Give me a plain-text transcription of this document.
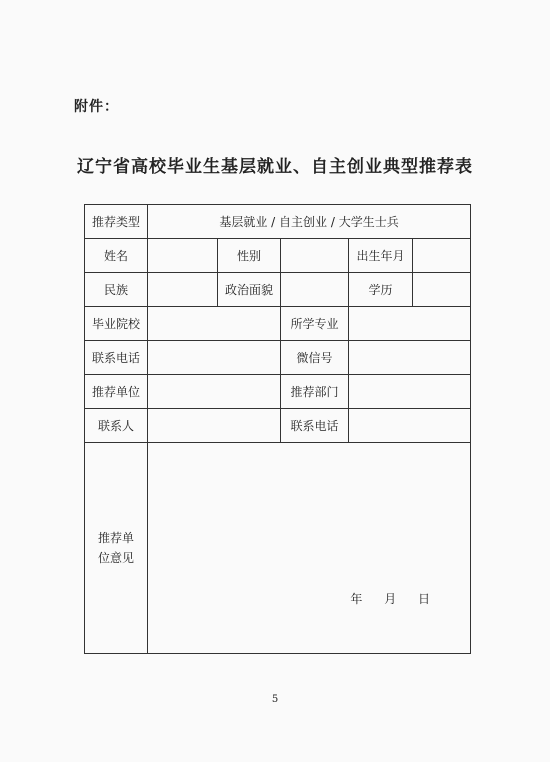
附件：
辽宁省高校毕业生基层就业、自主创业典型推荐表
推荐类型	基层就业 / 自主创业 / 大学生士兵				
姓名		性别		出生年月	
民族		政治面貌		学历	
毕业院校			所学专业		
联系电话			微信号		
推荐单位			推荐部门		
联系人			联系电话		

推荐单
位意见	年 月 日				
5
